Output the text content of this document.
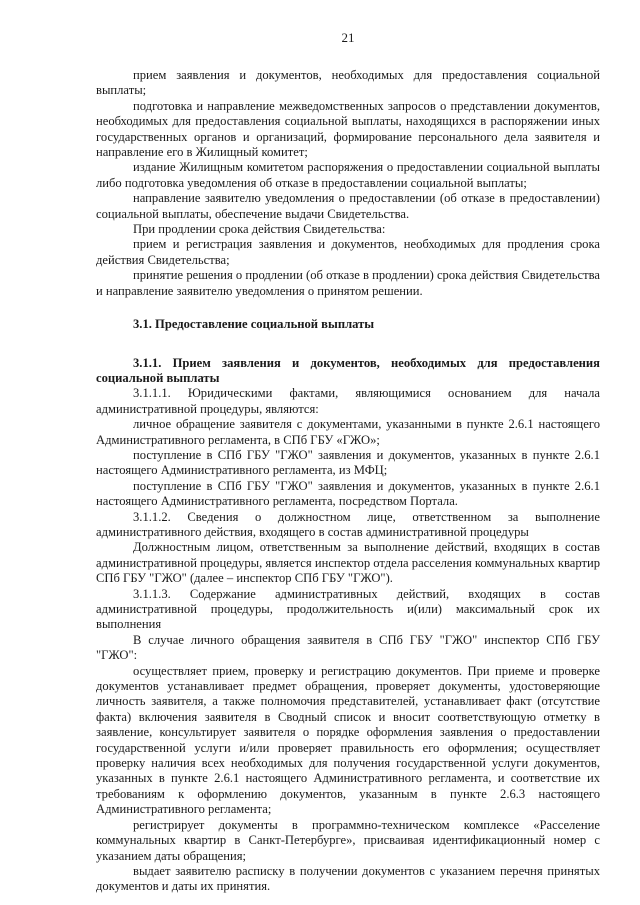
21

прием заявления и документов, необходимых для предоставления социальной выплаты;

подготовка и направление межведомственных запросов о представлении документов, необходимых для предоставления социальной выплаты, находящихся в распоряжении иных государственных органов и организаций, формирование персонального дела заявителя и направление его в Жилищный комитет;

издание Жилищным комитетом распоряжения о предоставлении социальной выплаты либо подготовка уведомления об отказе в предоставлении социальной выплаты;

направление заявителю уведомления о предоставлении (об отказе в предоставлении) социальной выплаты, обеспечение выдачи Свидетельства.

При продлении срока действия Свидетельства:

прием и регистрация заявления и документов, необходимых для продления срока действия Свидетельства;

принятие решения о продлении (об отказе в продлении) срока действия Свидетельства и направление заявителю уведомления о принятом решении.

3.1. Предоставление социальной выплаты
3.1.1. Прием заявления и документов, необходимых для предоставления социальной выплаты

3.1.1.1. Юридическими фактами, являющимися основанием для начала административной процедуры, являются:

личное обращение заявителя с документами, указанными в пункте 2.6.1 настоящего Административного регламента, в СПб ГБУ «ГЖО»;

поступление в СПб ГБУ "ГЖО" заявления и документов, указанных в пункте 2.6.1 настоящего Административного регламента, из МФЦ;

поступление в СПб ГБУ "ГЖО" заявления и документов, указанных в пункте 2.6.1 настоящего Административного регламента, посредством Портала.

3.1.1.2. Сведения о должностном лице, ответственном за выполнение административного действия, входящего в состав административной процедуры

Должностным лицом, ответственным за выполнение действий, входящих в состав административной процедуры, является инспектор отдела расселения коммунальных квартир СПб ГБУ "ГЖО" (далее – инспектор СПб ГБУ "ГЖО").

3.1.1.3. Содержание административных действий, входящих в состав административной процедуры, продолжительность и(или) максимальный срок их выполнения

В случае личного обращения заявителя в СПб ГБУ "ГЖО" инспектор СПб ГБУ "ГЖО":

осуществляет прием, проверку и регистрацию документов. При приеме и проверке документов устанавливает предмет обращения, проверяет документы, удостоверяющие личность заявителя, а также полномочия представителей, устанавливает факт (отсутствие факта) включения заявителя в Сводный список и вносит соответствующую отметку в заявление, консультирует заявителя о порядке оформления заявления о предоставлении государственной услуги и/или проверяет правильность его оформления; осуществляет проверку наличия всех необходимых для получения государственной услуги документов, указанных в пункте 2.6.1 настоящего Административного регламента, и соответствие их требованиям к оформлению документов, указанным в пункте 2.6.3 настоящего Административного регламента;

регистрирует документы в программно-техническом комплексе «Расселение коммунальных квартир в Санкт-Петербурге», присваивая идентификационный номер с указанием даты обращения;

выдает заявителю расписку в получении документов с указанием перечня принятых документов и даты их принятия.
